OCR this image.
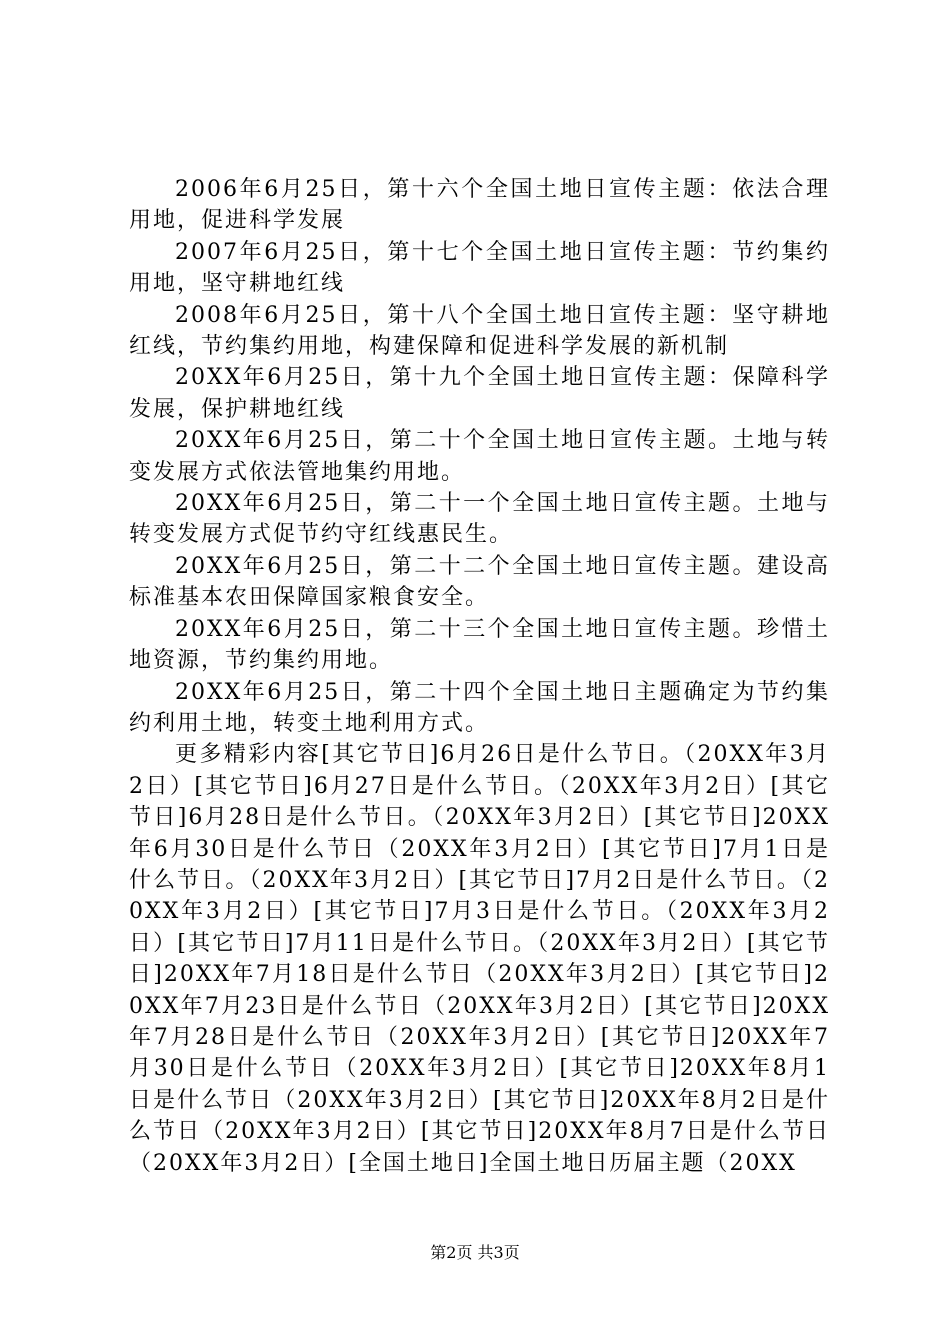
2006年6月25日，第十六个全国土地日宣传主题：依法合理用地，促进科学发展

2007年6月25日，第十七个全国土地日宣传主题：节约集约用地，坚守耕地红线

2008年6月25日，第十八个全国土地日宣传主题：坚守耕地红线，节约集约用地，构建保障和促进科学发展的新机制

20XX年6月25日，第十九个全国土地日宣传主题：保障科学发展，保护耕地红线

20XX年6月25日，第二十个全国土地日宣传主题。土地与转变发展方式依法管地集约用地。

20XX年6月25日，第二十一个全国土地日宣传主题。土地与转变发展方式促节约守红线惠民生。

20XX年6月25日，第二十二个全国土地日宣传主题。建设高标准基本农田保障国家粮食安全。

20XX年6月25日，第二十三个全国土地日宣传主题。珍惜土地资源，节约集约用地。

20XX年6月25日，第二十四个全国土地日主题确定为节约集约利用土地，转变土地利用方式。

更多精彩内容[其它节日]6月26日是什么节日。（20XX年3月2日）[其它节日]6月27日是什么节日。（20XX年3月2日）[其它节日]6月28日是什么节日。（20XX年3月2日）[其它节日]20XX年6月30日是什么节日（20XX年3月2日）[其它节日]7月1日是什么节日。（20XX年3月2日）[其它节日]7月2日是什么节日。（20XX年3月2日）[其它节日]7月3日是什么节日。（20XX年3月2日）[其它节日]7月11日是什么节日。（20XX年3月2日）[其它节日]20XX年7月18日是什么节日（20XX年3月2日）[其它节日]20XX年7月23日是什么节日（20XX年3月2日）[其它节日]20XX年7月28日是什么节日（20XX年3月2日）[其它节日]20XX年7月30日是什么节日（20XX年3月2日）[其它节日]20XX年8月1日是什么节日（20XX年3月2日）[其它节日]20XX年8月2日是什么节日（20XX年3月2日）[其它节日]20XX年8月7日是什么节日（20XX年3月2日）[全国土地日]全国土地日历届主题（20XX

第2页 共3页
